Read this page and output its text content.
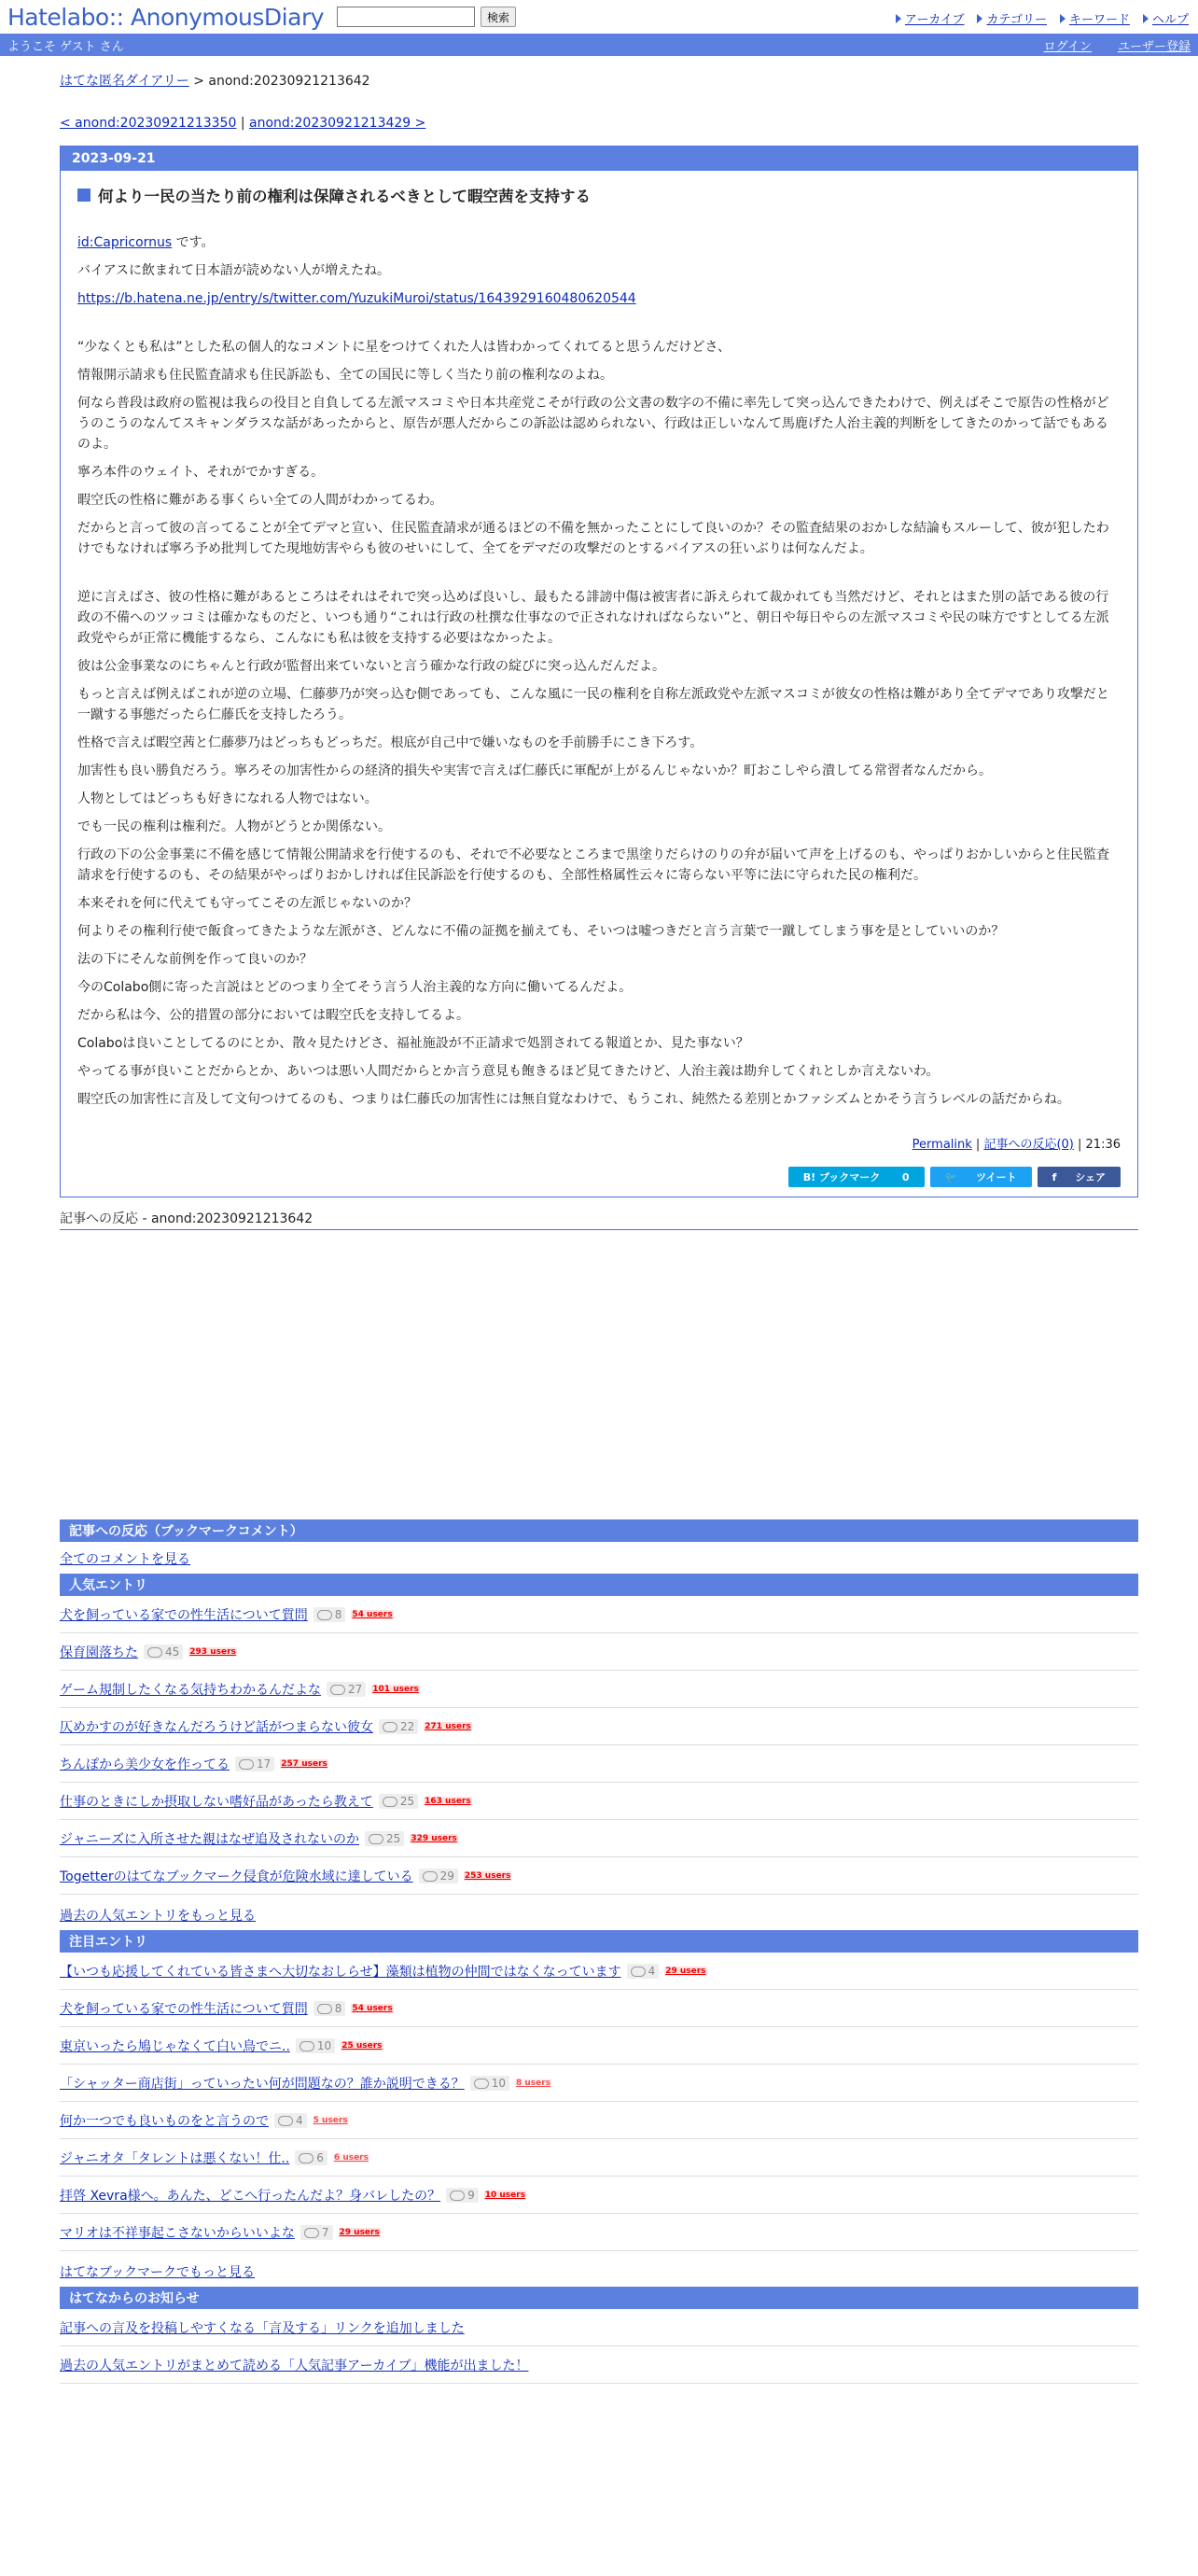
Hatelabo:: AnonymousDiary	検索	アーカイブ カテゴリー キーワード ヘルプ
ようこそ ゲスト さん	ログイン ユーザー登録
はてな匿名ダイアリー > anond:20230921213642
< anond:20230921213350 | anond:20230921213429 >
2023-09-21
何より一民の当たり前の権利は保障されるべきとして暇空茜を支持する

id:Capricornus です。

バイアスに飲まれて日本語が読めない人が増えたね。

https://b.hatena.ne.jp/entry/s/twitter.com/YuzukiMuroi/status/1643929160480620544

“少なくとも私は”とした私の個人的なコメントに星をつけてくれた人は皆わかってくれてると思うんだけどさ、

情報開示請求も住民監査請求も住民訴訟も、全ての国民に等しく当たり前の権利なのよね。

何なら普段は政府の監視は我らの役目と自負してる左派マスコミや日本共産党こそが行政の公文書の数字の不備に率先して突っ込んできたわけで、例えばそこで原告の性格がどうのこうのなんてスキャンダラスな話があったからと、原告が悪人だからこの訴訟は認められない、行政は正しいなんて馬鹿げた人治主義的判断をしてきたのかって話でもあるのよ。

寧ろ本件のウェイト、それがでかすぎる。

暇空氏の性格に難がある事くらい全ての人間がわかってるわ。

だからと言って彼の言ってることが全てデマと宣い、住民監査請求が通るほどの不備を無かったことにして良いのか？その監査結果のおかしな結論もスルーして、彼が犯したわけでもなければ寧ろ予め批判してた現地妨害やらも彼のせいにして、全てをデマだの攻撃だのとするバイアスの狂いぶりは何なんだよ。

逆に言えばさ、彼の性格に難があるところはそれはそれで突っ込めば良いし、最もたる誹謗中傷は被害者に訴えられて裁かれても当然だけど、それとはまた別の話である彼の行政の不備へのツッコミは確かなものだと、いつも通り“これは行政の杜撰な仕事なので正されなければならない”と、朝日や毎日やらの左派マスコミや民の味方ですとしてる左派政党やらが正常に機能するなら、こんなにも私は彼を支持する必要はなかったよ。

彼は公金事業なのにちゃんと行政が監督出来ていないと言う確かな行政の綻びに突っ込んだんだよ。

もっと言えば例えばこれが逆の立場、仁藤夢乃が突っ込む側であっても、こんな風に一民の権利を自称左派政党や左派マスコミが彼女の性格は難があり全てデマであり攻撃だと一蹴する事態だったら仁藤氏を支持したろう。

性格で言えば暇空茜と仁藤夢乃はどっちもどっちだ。根底が自己中で嫌いなものを手前勝手にこき下ろす。

加害性も良い勝負だろう。寧ろその加害性からの経済的損失や実害で言えば仁藤氏に軍配が上がるんじゃないか？町おこしやら潰してる常習者なんだから。

人物としてはどっちも好きになれる人物ではない。

でも一民の権利は権利だ。人物がどうとか関係ない。

行政の下の公金事業に不備を感じて情報公開請求を行使するのも、それで不必要なところまで黒塗りだらけのりの弁が届いて声を上げるのも、やっぱりおかしいからと住民監査請求を行使するのも、その結果がやっぱりおかしければ住民訴訟を行使するのも、全部性格属性云々に寄らない平等に法に守られた民の権利だ。

本来それを何に代えても守ってこその左派じゃないのか？

何よりその権利行使で飯食ってきたような左派がさ、どんなに不備の証拠を揃えても、そいつは嘘つきだと言う言葉で一蹴してしまう事を是としていいのか？

法の下にそんな前例を作って良いのか？

今のColabo側に寄った言説はとどのつまり全てそう言う人治主義的な方向に働いてるんだよ。

だから私は今、公的措置の部分においては暇空氏を支持してるよ。

Colaboは良いことしてるのにとか、散々見たけどさ、福祉施設が不正請求で処罰されてる報道とか、見た事ない？

やってる事が良いことだからとか、あいつは悪い人間だからとか言う意見も飽きるほど見てきたけど、人治主義は勘弁してくれとしか言えないわ。

暇空氏の加害性に言及して文句つけてるのも、つまりは仁藤氏の加害性には無自覚なわけで、もうこれ、純然たる差別とかファシズムとかそう言うレベルの話だからね。

Permalink | 記事への反応(0) | 21:36
B! ブックマーク 0	🐦 ツイート	f シェア
記事への反応 - anond:20230921213642
記事への反応（ブックマークコメント）
全てのコメントを見る
人気エントリ
犬を飼っている家での性生活について質問 8 54 users
保育園落ちた 45 293 users
ゲーム規制したくなる気持ちわかるんだよな 27 101 users
仄めかすのが好きなんだろうけど話がつまらない彼女 22 271 users
ちんぽから美少女を作ってる 17 257 users
仕事のときにしか摂取しない嗜好品があったら教えて 25 163 users
ジャニーズに入所させた親はなぜ追及されないのか 25 329 users
Togetterのはてなブックマーク侵食が危険水域に達している 29 253 users
過去の人気エントリをもっと見る
注目エントリ
【いつも応援してくれている皆さまへ大切なおしらせ】藻類は植物の仲間ではなくなっています 4 29 users
犬を飼っている家での性生活について質問 8 54 users
東京いったら鳩じゃなくて白い鳥でニ.. 10 25 users
「シャッター商店街」っていったい何が問題なの？誰か説明できる？ 10 8 users
何か一つでも良いものをと言うので 4 5 users
ジャニオタ「タレントは悪くない！仕.. 6 6 users
拝啓 Xevra様へ。あんた、どこへ行ったんだよ？身バレしたの？ 9 10 users
マリオは不祥事起こさないからいいよな 7 29 users
はてなブックマークでもっと見る
はてなからのお知らせ
記事への言及を投稿しやすくなる「言及する」リンクを追加しました
過去の人気エントリがまとめて読める「人気記事アーカイブ」機能が出ました！
